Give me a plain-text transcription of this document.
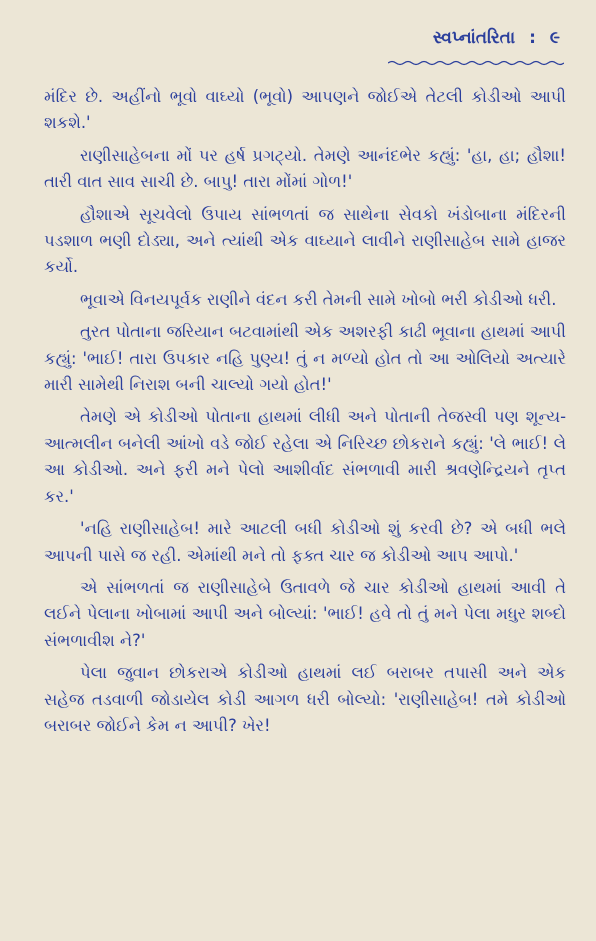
સ્વપ્નાંતરિતા : ૯

મંદિર છે. અહીંનો ભૂવો વાઘ્યો (ભૂવો) આપણને જોઈએ તેટલી કોડીઓ આપી શકશે.'

રાણીસાહેબના મોં પર હર્ષ પ્રગટ્યો. તેમણે આનંદભેર કહ્યું: 'હા, હા; હૌશા! તારી વાત સાવ સાચી છે. બાપુ! તારા મોંમાં ગોળ!'

હૌશાએ સૂચવેલો ઉપાય સાંભળતાં જ સાથેના સેવકો ખંડોબાના મંદિરની પડશાળ ભણી દોડ્યા, અને ત્યાંથી એક વાઘ્યાને લાવીને રાણીસાહેબ સામે હાજર કર્યો.

ભૂવાએ વિનયપૂર્વક રાણીને વંદન કરી તેમની સામે ખોબો ભરી કોડીઓ ધરી.

તુરત પોતાના જરિયાન બટવામાંથી એક અશરફી કાઢી ભૂવાના હાથમાં આપી કહ્યું: 'ભાઈ! તારા ઉપકાર નહિ પુણ્ય! તું ન મળ્યો હોત તો આ ઓલિયો અત્યારે મારી સામેથી નિરાશ બની ચાલ્યો ગયો હોત!'

તેમણે એ કોડીઓ પોતાના હાથમાં લીધી અને પોતાની તેજસ્વી પણ શૂન્ય-આત્મલીન બનેલી આંખો વડે જોઈ રહેલા એ નિરિચ્છ છોકરાને કહ્યું: 'લે ભાઈ! લે આ કોડીઓ. અને ફરી મને પેલો આશીર્વાદ સંભળાવી મારી શ્રવણેન્દ્રિયને તૃપ્ત કર.'

'નહિ રાણીસાહેબ! મારે આટલી બધી કોડીઓ શું કરવી છે? એ બધી ભલે આપની પાસે જ રહી. એમાંથી મને તો ફક્ત ચાર જ કોડીઓ આપ આપો.'

એ સાંભળતાં જ રાણીસાહેબે ઉતાવળે જે ચાર કોડીઓ હાથમાં આવી તે લઈને પેલાના ખોબામાં આપી અને બોલ્યાં: 'ભાઈ! હવે તો તું મને પેલા મધુર શબ્દો સંભળાવીશ ને?'

પેલા જુવાન છોકરાએ કોડીઓ હાથમાં લઈ બરાબર તપાસી અને એક સહેજ તડવાળી જોડાયેલ કોડી આગળ ધરી બોલ્યો: 'રાણીસાહેબ! તમે કોડીઓ બરાબર જોઈને કેમ ન આપી? ખેર!
